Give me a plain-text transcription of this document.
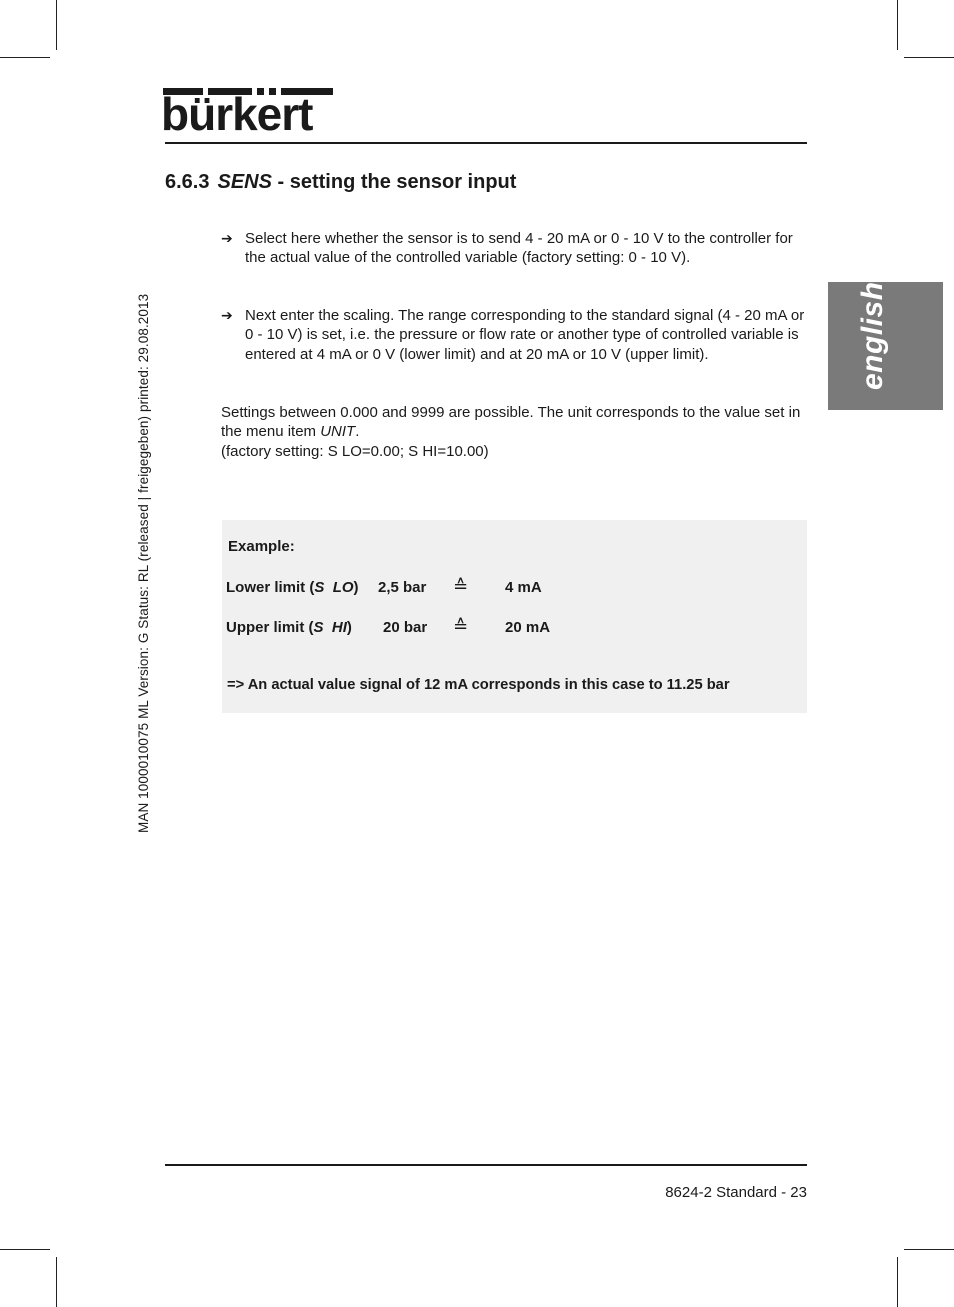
bürkert
6.6.3 SENS - setting the sensor input
MAN 1000010075 ML Version: G Status: RL (released | freigegeben) printed: 29.08.2013	english
➔ Select here whether the sensor is to send 4 - 20 mA or 0 - 10 V to the controller for the actual value of the controlled variable (factory setting: 0 - 10 V).
➔ Next enter the scaling. The range corresponding to the standard signal (4 - 20 mA or 0 - 10 V) is set, i.e. the pressure or flow rate or another type of controlled variable is entered at 4 mA or 0 V (lower limit) and at 20 mA or 10 V (upper limit).
Settings between 0.000 and 9999 are possible. The unit corresponds to the value set in the menu item UNIT.
(factory setting: S LO=0.00; S HI=10.00)
Example:
Lower limit (S LO) 2,5 bar ≙ 4 mA
Upper limit (S HI) 20 bar ≙ 20 mA
=> An actual value signal of 12 mA corresponds in this case to 11.25 bar
8624-2 Standard - 23
